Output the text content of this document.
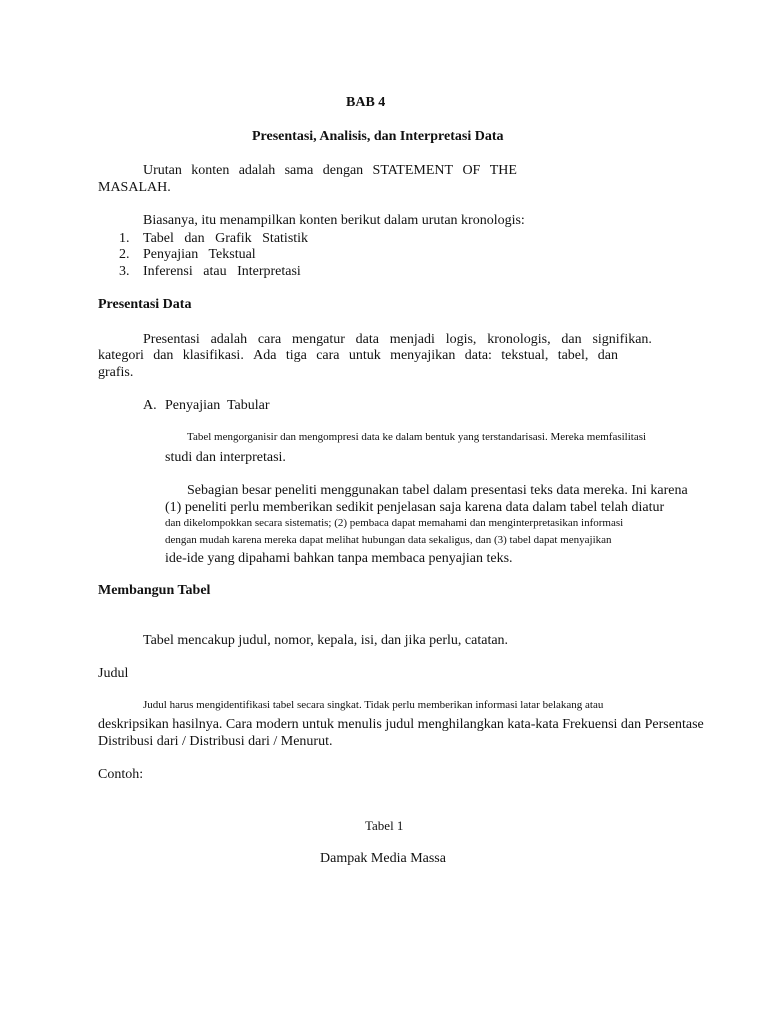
BAB 4
Presentasi, Analisis, dan Interpretasi Data
Urutan konten adalah sama dengan STATEMENT OF THE
MASALAH.
Biasanya, itu menampilkan konten berikut dalam urutan kronologis:
1. Tabel   dan   Grafik   Statistik
2. Penyajian   Tekstual
3. Inferensi   atau   Interpretasi
Presentasi Data
Presentasi adalah cara mengatur data menjadi logis, kronologis, dan signifikan.
kategori dan klasifikasi. Ada tiga cara untuk menyajikan data: tekstual, tabel, dan
grafis.
A. Penyajian  Tabular
Tabel mengorganisir dan mengompresi data ke dalam bentuk yang terstandarisasi. Mereka memfasilitasi
studi dan interpretasi.
Sebagian besar peneliti menggunakan tabel dalam presentasi teks data mereka. Ini karena
(1) peneliti perlu memberikan sedikit penjelasan saja karena data dalam tabel telah diatur
dan dikelompokkan secara sistematis; (2) pembaca dapat memahami dan menginterpretasikan informasi
dengan mudah karena mereka dapat melihat hubungan data sekaligus, dan (3) tabel dapat menyajikan
ide-ide yang dipahami bahkan tanpa membaca penyajian teks.
Membangun Tabel
Tabel mencakup judul, nomor, kepala, isi, dan jika perlu, catatan.
Judul
Judul harus mengidentifikasi tabel secara singkat. Tidak perlu memberikan informasi latar belakang atau
deskripsikan hasilnya. Cara modern untuk menulis judul menghilangkan kata-kata Frekuensi dan Persentase
Distribusi dari / Distribusi dari / Menurut.
Contoh:
Tabel 1
Dampak Media Massa
